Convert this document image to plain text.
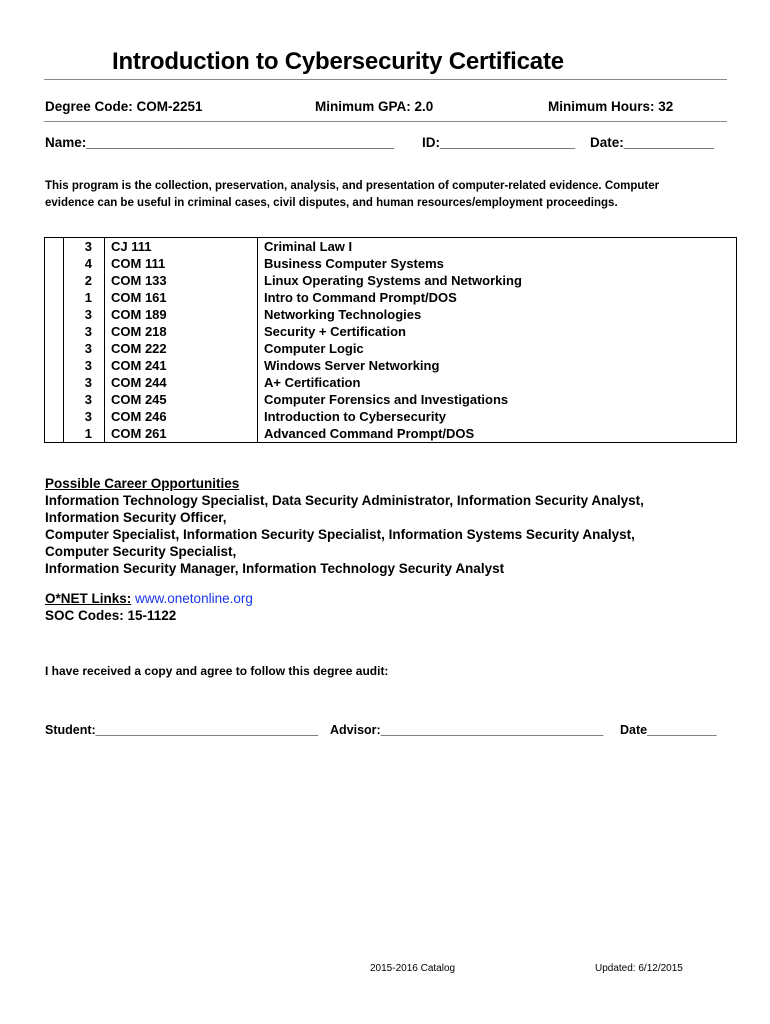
Introduction to Cybersecurity Certificate
Degree Code: COM-2251	Minimum GPA: 2.0	Minimum Hours: 32
Name:_________________________________________ ID:__________________ Date:____________
This program is the collection, preservation, analysis, and presentation of computer-related evidence. Computer evidence can be useful in criminal cases, civil disputes, and human resources/employment proceedings.
	3	CJ 111	Criminal Law I
	4	COM 111	Business Computer Systems
	2	COM 133	Linux Operating Systems and Networking
	1	COM 161	Intro to Command Prompt/DOS
	3	COM 189	Networking Technologies
	3	COM 218	Security + Certification
	3	COM 222	Computer Logic
	3	COM 241	Windows Server Networking
	3	COM 244	A+ Certification
	3	COM 245	Computer Forensics and Investigations
	3	COM 246	Introduction to Cybersecurity
	1	COM 261	Advanced Command Prompt/DOS
Possible Career Opportunities
Information Technology Specialist, Data Security Administrator, Information Security Analyst,
Information Security Officer,
Computer Specialist, Information Security Specialist, Information Systems Security Analyst,
Computer Security Specialist,
Information Security Manager, Information Technology Security Analyst
O*NET Links: www.onetonline.org
SOC Codes: 15-1122
I have received a copy and agree to follow this degree audit:
Student:________________________________ Advisor:________________________________ Date__________
2015-2016 Catalog	Updated: 6/12/2015
